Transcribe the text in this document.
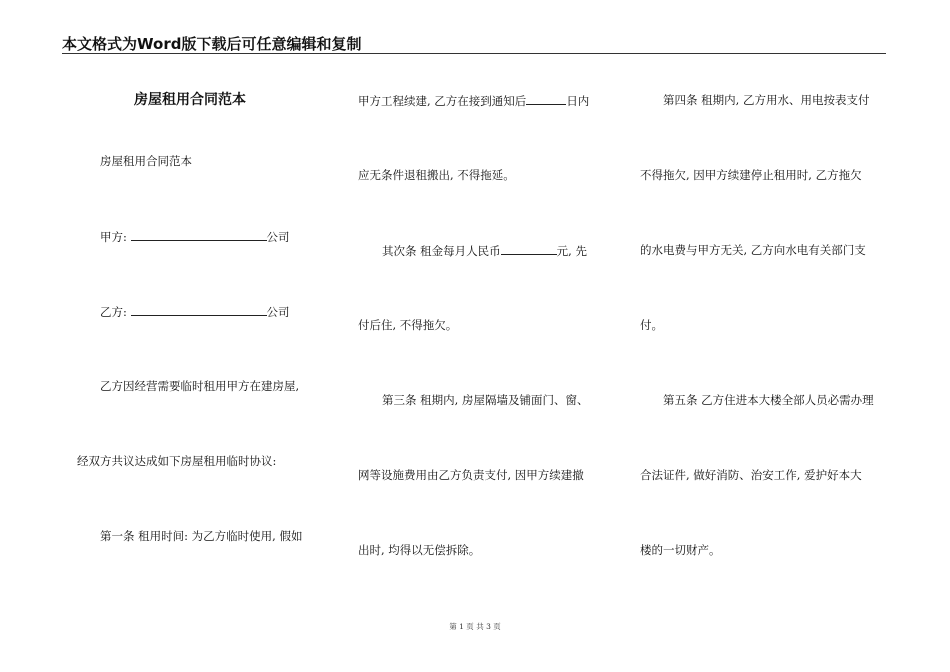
本文格式为Word版下载后可任意编辑和复制
房屋租用合同范本
房屋租用合同范本
甲方:	公司
乙方:	公司
乙方因经营需要临时租用甲方在建房屋,
经双方共议达成如下房屋租用临时协议:
第一条 租用时间: 为乙方临时使用, 假如
甲方工程续建, 乙方在接到通知后	日内
应无条件退租搬出, 不得拖延。
其次条 租金每月人民币	元, 先
付后住, 不得拖欠。
第三条 租期内, 房屋隔墙及铺面门、窗、
网等设施费用由乙方负责支付, 因甲方续建撤
出时, 均得以无偿拆除。
第四条 租期内, 乙方用水、用电按表支付
不得拖欠, 因甲方续建停止租用时, 乙方拖欠
的水电费与甲方无关, 乙方向水电有关部门支
付。
第五条 乙方住进本大楼全部人员必需办理
合法证件, 做好消防、治安工作, 爱护好本大
楼的一切财产。
第 1 页 共 3 页
